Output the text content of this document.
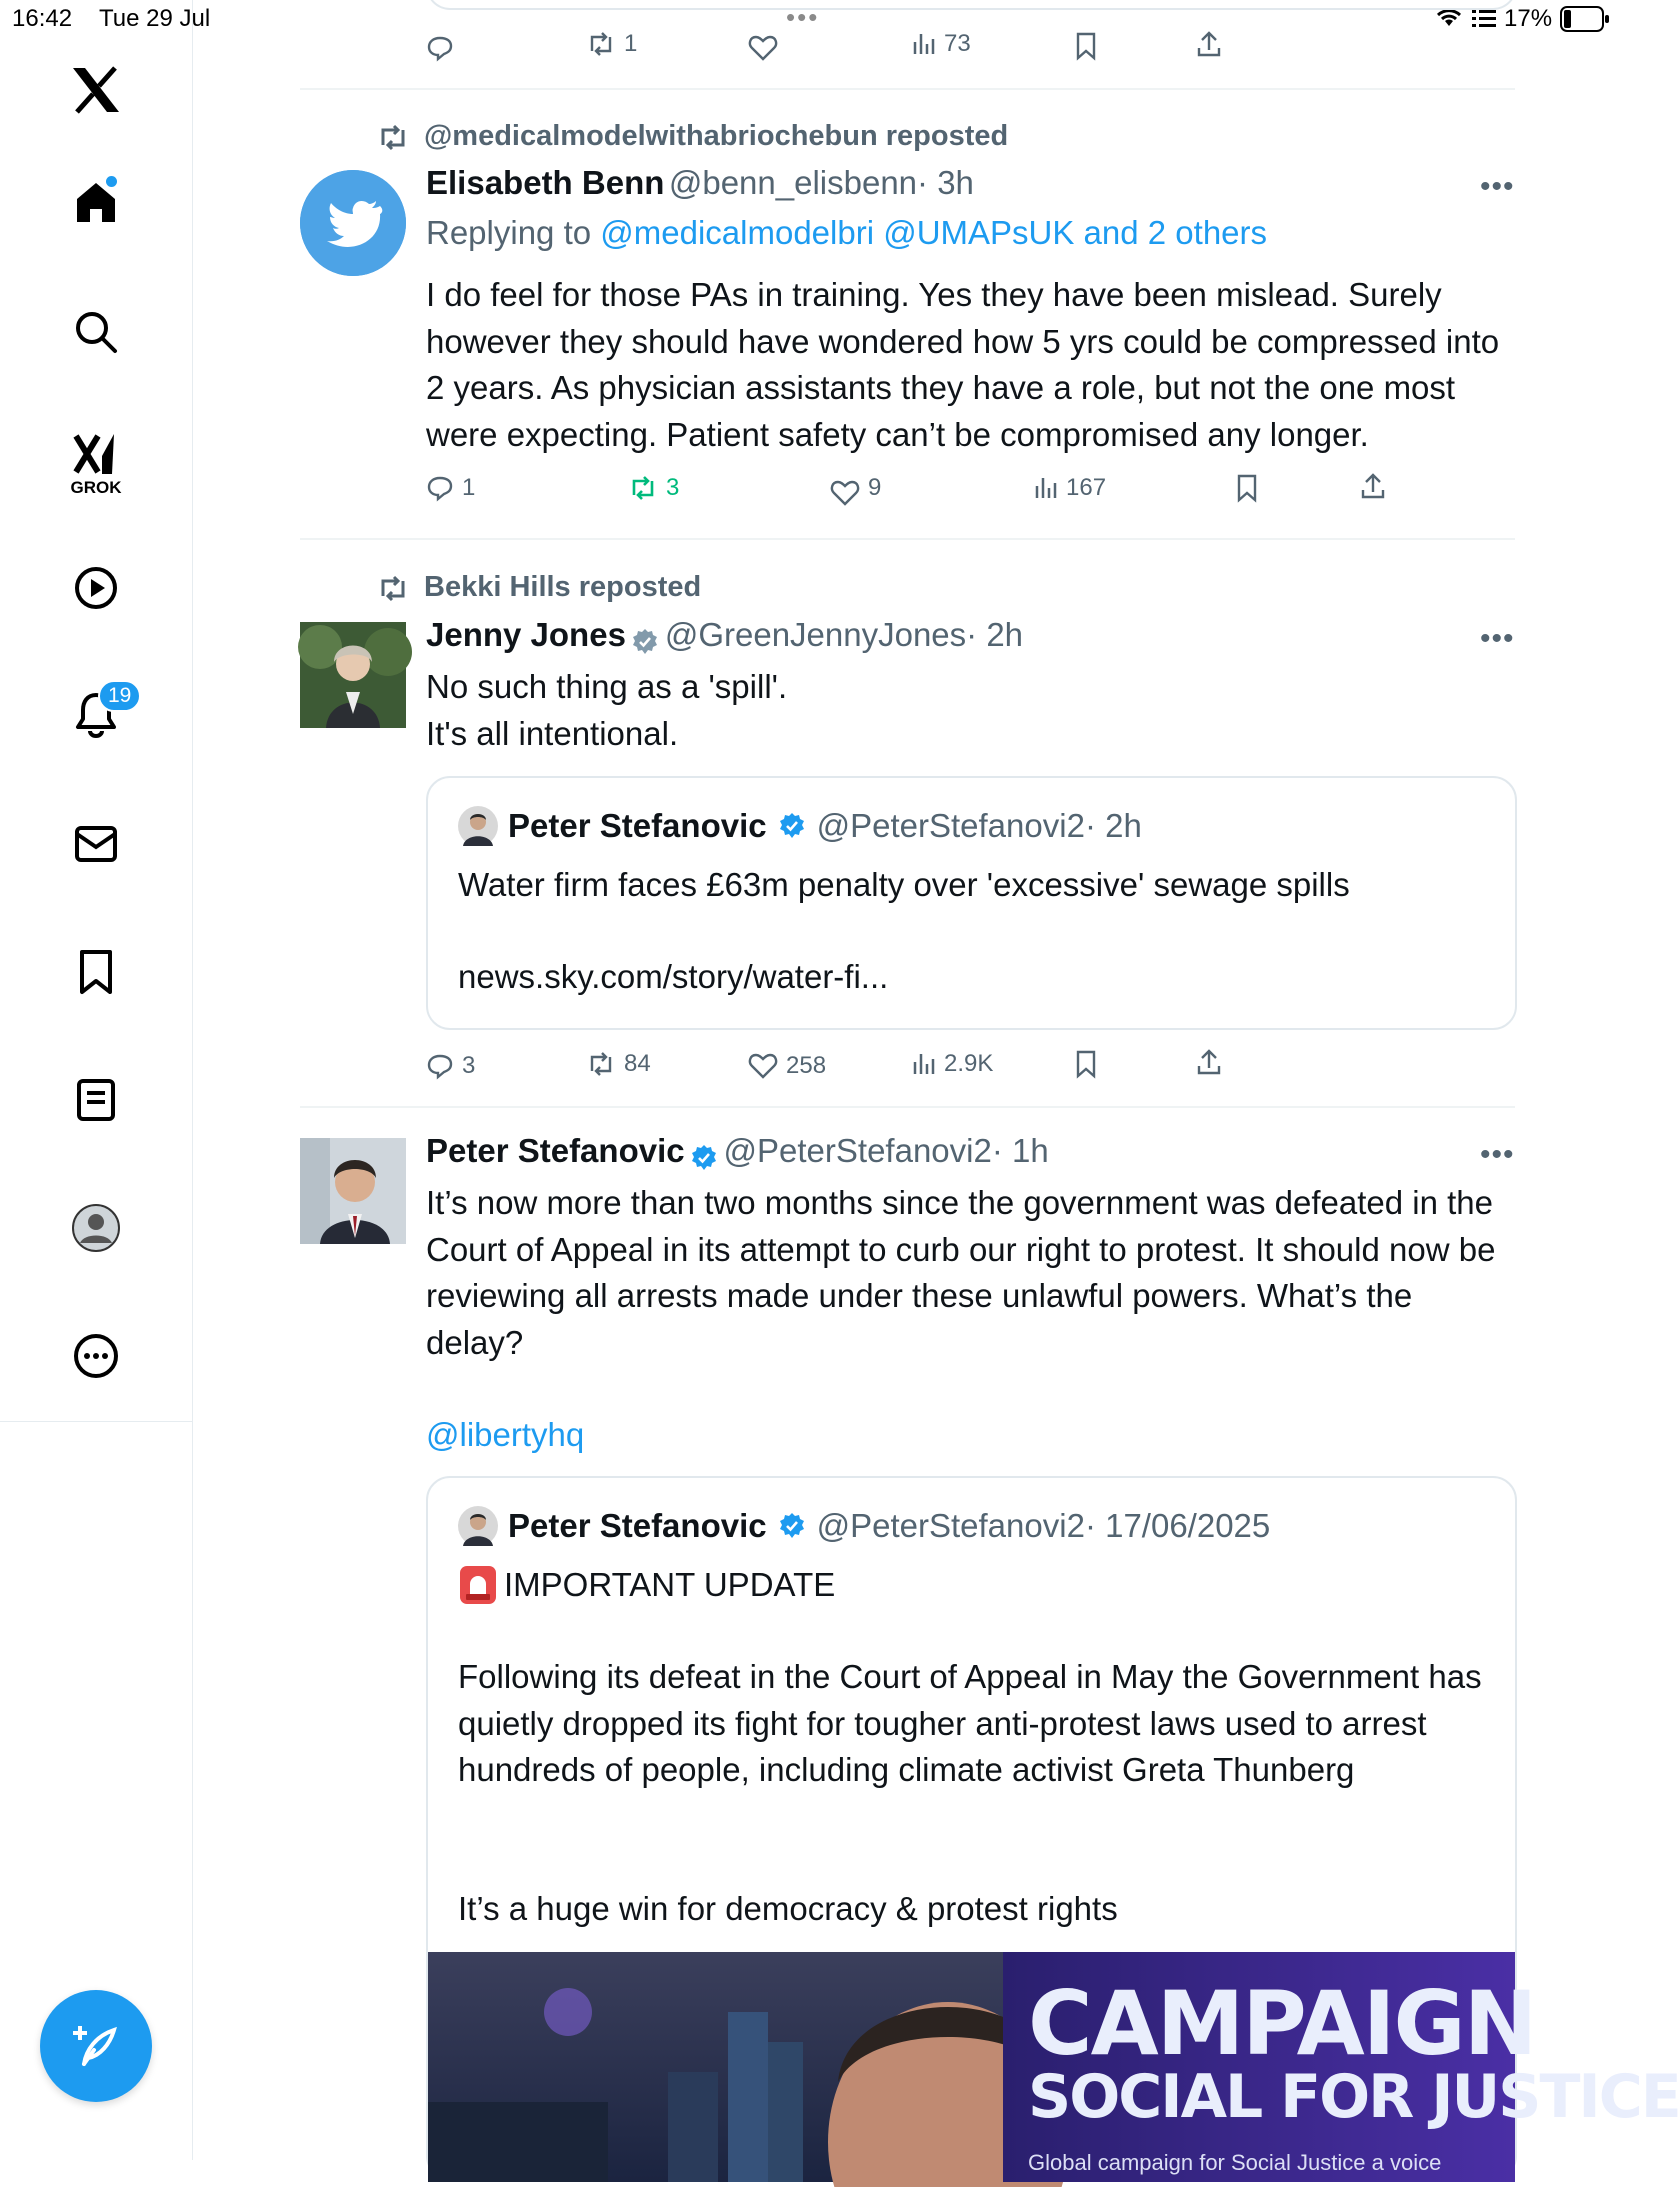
16:42 Tue 29 Jul	•••	17%
GROK
19
1	73
@medicalmodelwithabriochebun reposted
Elisabeth Benn @benn_elisbenn· 3h	•••
Replying to @medicalmodelbri @UMAPsUK and 2 others
I do feel for those PAs in training. Yes they have been mislead. Surely however they should have wondered how 5 yrs could be compressed into 2 years. As physician assistants they have a role, but not the one most were expecting. Patient safety can’t be compromised any longer.
1	3	9	167
Bekki Hills reposted
Jenny Jones @GreenJennyJones· 2h	•••
No such thing as a 'spill'.
It's all intentional.
Peter Stefanovic @PeterStefanovi2· 2h
Water firm faces £63m penalty over 'excessive' sewage spills
news.sky.com/story/water-fi...
3	84	258	2.9K
Peter Stefanovic @PeterStefanovi2· 1h	•••
It’s now more than two months since the government was defeated in the Court of Appeal in its attempt to curb our right to protest. It should now be reviewing all arrests made under these unlawful powers. What’s the delay?
@libertyhq
Peter Stefanovic @PeterStefanovi2· 17/06/2025
IMPORTANT UPDATE
Following its defeat in the Court of Appeal in May the Government has quietly dropped its fight for tougher anti-protest laws used to arrest hundreds of people, including climate activist Greta Thunberg
It’s a huge win for democracy & protest rights
CAMPAIGN
SOCIAL FOR JUSTICE
Global campaign for Social Justice a voice
